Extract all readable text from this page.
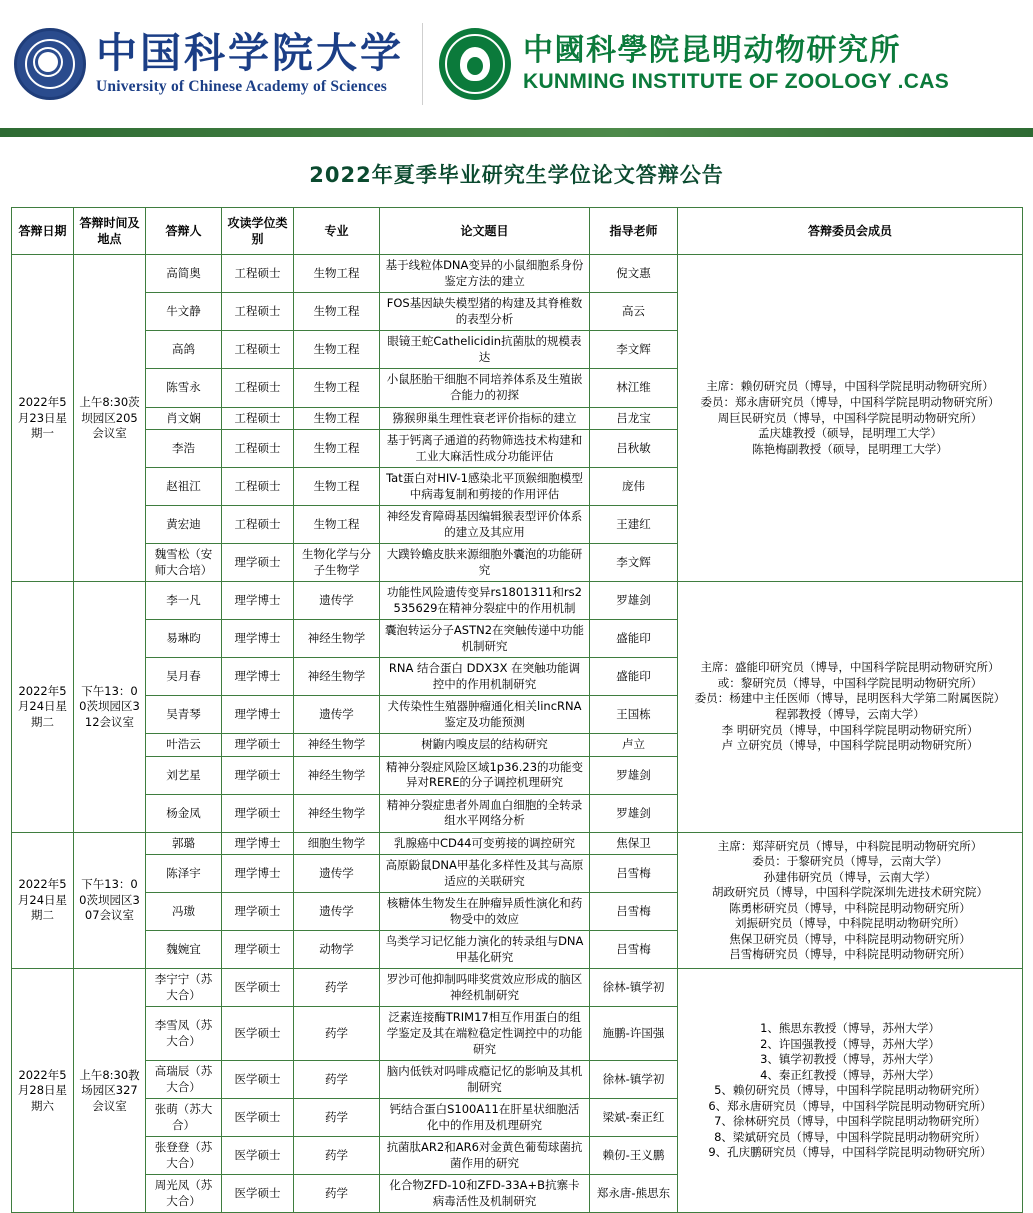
中国科学院大学
University of Chinese Academy of Sciences
中國科學院昆明动物研究所
KUNMING INSTITUTE OF ZOOLOGY .CAS
2022年夏季毕业研究生学位论文答辩公告
答辩日期	答辩时间及地点	答辩人	攻读学位类别	专业	论文题目	指导老师	答辩委员会成员
2022年5月23日星期一	上午8:30茨坝园区205会议室	高简奥	工程硕士	生物工程	基于线粒体DNA变异的小鼠细胞系身份鉴定方法的建立	倪文惠	主席：赖仞研究员（博导，中国科学院昆明动物研究所）
委员：郑永唐研究员（博导，中国科学院昆明动物研究所）
周巨民研究员（博导，中国科学院昆明动物研究所）
孟庆雄教授（硕导，昆明理工大学）
陈艳梅副教授（硕导，昆明理工大学）

		牛文静	工程硕士	生物工程	FOS基因缺失模型猪的构建及其脊椎数的表型分析	高云	
		高鸽	工程硕士	生物工程	眼镜王蛇Cathelicidin抗菌肽的规模表达	李文辉	
		陈雪永	工程硕士	生物工程	小鼠胚胎干细胞不同培养体系及生殖嵌合能力的初探	林江维	
		肖文娴	工程硕士	生物工程	猕猴卵巢生理性衰老评价指标的建立	吕龙宝	
		李浩	工程硕士	生物工程	基于钙离子通道的药物筛选技术构建和工业大麻活性成分功能评估	吕秋敏	
		赵祖江	工程硕士	生物工程	Tat蛋白对HIV-1感染北平顶猴细胞模型中病毒复制和剪接的作用评估	庞伟	
		黄宏迪	工程硕士	生物工程	神经发育障碍基因编辑猴表型评价体系的建立及其应用	王建红	
		魏雪松（安师大合培）	理学硕士	生物化学与分子生物学	大蹼铃蟾皮肤来源细胞外囊泡的功能研究	李文辉	
2022年5月24日星期二	下午13：00茨坝园区312会议室	李一凡	理学博士	遗传学	功能性风险遗传变异rs1801311和rs2535629在精神分裂症中的作用机制	罗雄剑	
主席：盛能印研究员（博导，中国科学院昆明动物研究所）
或：黎研究员（博导，中国科学院昆明动物研究所）
委员：杨建中主任医师（博导，昆明医科大学第二附属医院）
程郭教授（博导，云南大学）
李 明研究员（博导，中国科学院昆明动物研究所）
卢 立研究员（博导，中国科学院昆明动物研究所）

		易琳昀	理学博士	神经生物学	囊泡转运分子ASTN2在突触传递中功能机制研究	盛能印	
		吴月春	理学博士	神经生物学	RNA 结合蛋白 DDX3X 在突触功能调控中的作用机制研究	盛能印	
		吴青琴	理学博士	遗传学	犬传染性生殖器肿瘤通化相关lincRNA鉴定及功能预测	王国栋	
		叶浩云	理学硕士	神经生物学	树鼩内嗅皮层的结构研究	卢立	
		刘艺星	理学硕士	神经生物学	精神分裂症风险区域1p36.23的功能变异对RERE的分子调控机理研究	罗雄剑	
		杨金凤	理学硕士	神经生物学	精神分裂症患者外周血白细胞的全转录组水平网络分析	罗雄剑	
2022年5月24日星期二	下午13：00茨坝园区307会议室	郭璐	理学博士	细胞生物学	乳腺癌中CD44可变剪接的调控研究	焦保卫	主席：郑萍研究员（博导，中科院昆明动物研究所）
委员：于黎研究员（博导，云南大学）
孙建伟研究员（博导，云南大学）
胡政研究员（博导，中国科学院深圳先进技术研究院）
陈勇彬研究员（博导，中科院昆明动物研究所）
刘振研究员（博导，中科院昆明动物研究所）
焦保卫研究员（博导，中科院昆明动物研究所）
吕雪梅研究员（博导，中科院昆明动物研究所）

		陈泽宇	理学博士	遗传学	高原鼢鼠DNA甲基化多样性及其与高原适应的关联研究	吕雪梅	
		冯璈	理学硕士	遗传学	核糖体生物发生在肿瘤异质性演化和药物受中的效应	吕雪梅	
		魏婉宜	理学硕士	动物学	鸟类学习记忆能力演化的转录组与DNA甲基化研究	吕雪梅	
2022年5月28日星期六	上午8:30教场园区327会议室	李宁宁（苏大合）	医学硕士	药学	罗沙可他抑制吗啡奖赏效应形成的脑区神经机制研究	徐林-镇学初	
1、熊思东教授（博导，苏州大学）
2、许国强教授（博导，苏州大学）
3、镇学初教授（博导，苏州大学）
4、秦正红教授（博导，苏州大学）
5、赖仞研究员（博导，中国科学院昆明动物研究所）
6、郑永唐研究员（博导，中国科学院昆明动物研究所）
7、徐林研究员（博导，中国科学院昆明动物研究所）
8、梁斌研究员（博导，中国科学院昆明动物研究所）
9、孔庆鹏研究员（博导，中国科学院昆明动物研究所）

		李雪凤（苏大合）	医学硕士	药学	泛素连接酶TRIM17相互作用蛋白的组学鉴定及其在端粒稳定性调控中的功能研究	施鹏-许国强	
		高瑞辰（苏大合）	医学硕士	药学	脑内低铁对吗啡成瘾记忆的影响及其机制研究	徐林-镇学初	
		张萌（苏大合）	医学硕士	药学	钙结合蛋白S100A11在肝星状细胞活化中的作用及机理研究	梁斌-秦正红	
		张登登（苏大合）	医学硕士	药学	抗菌肽AR2和AR6对金黄色葡萄球菌抗菌作用的研究	赖仞-王义鹏	
		周光凤（苏大合）	医学硕士	药学	化合物ZFD-10和ZFD-33A+B抗寨卡病毒活性及机制研究	郑永唐-熊思东	
